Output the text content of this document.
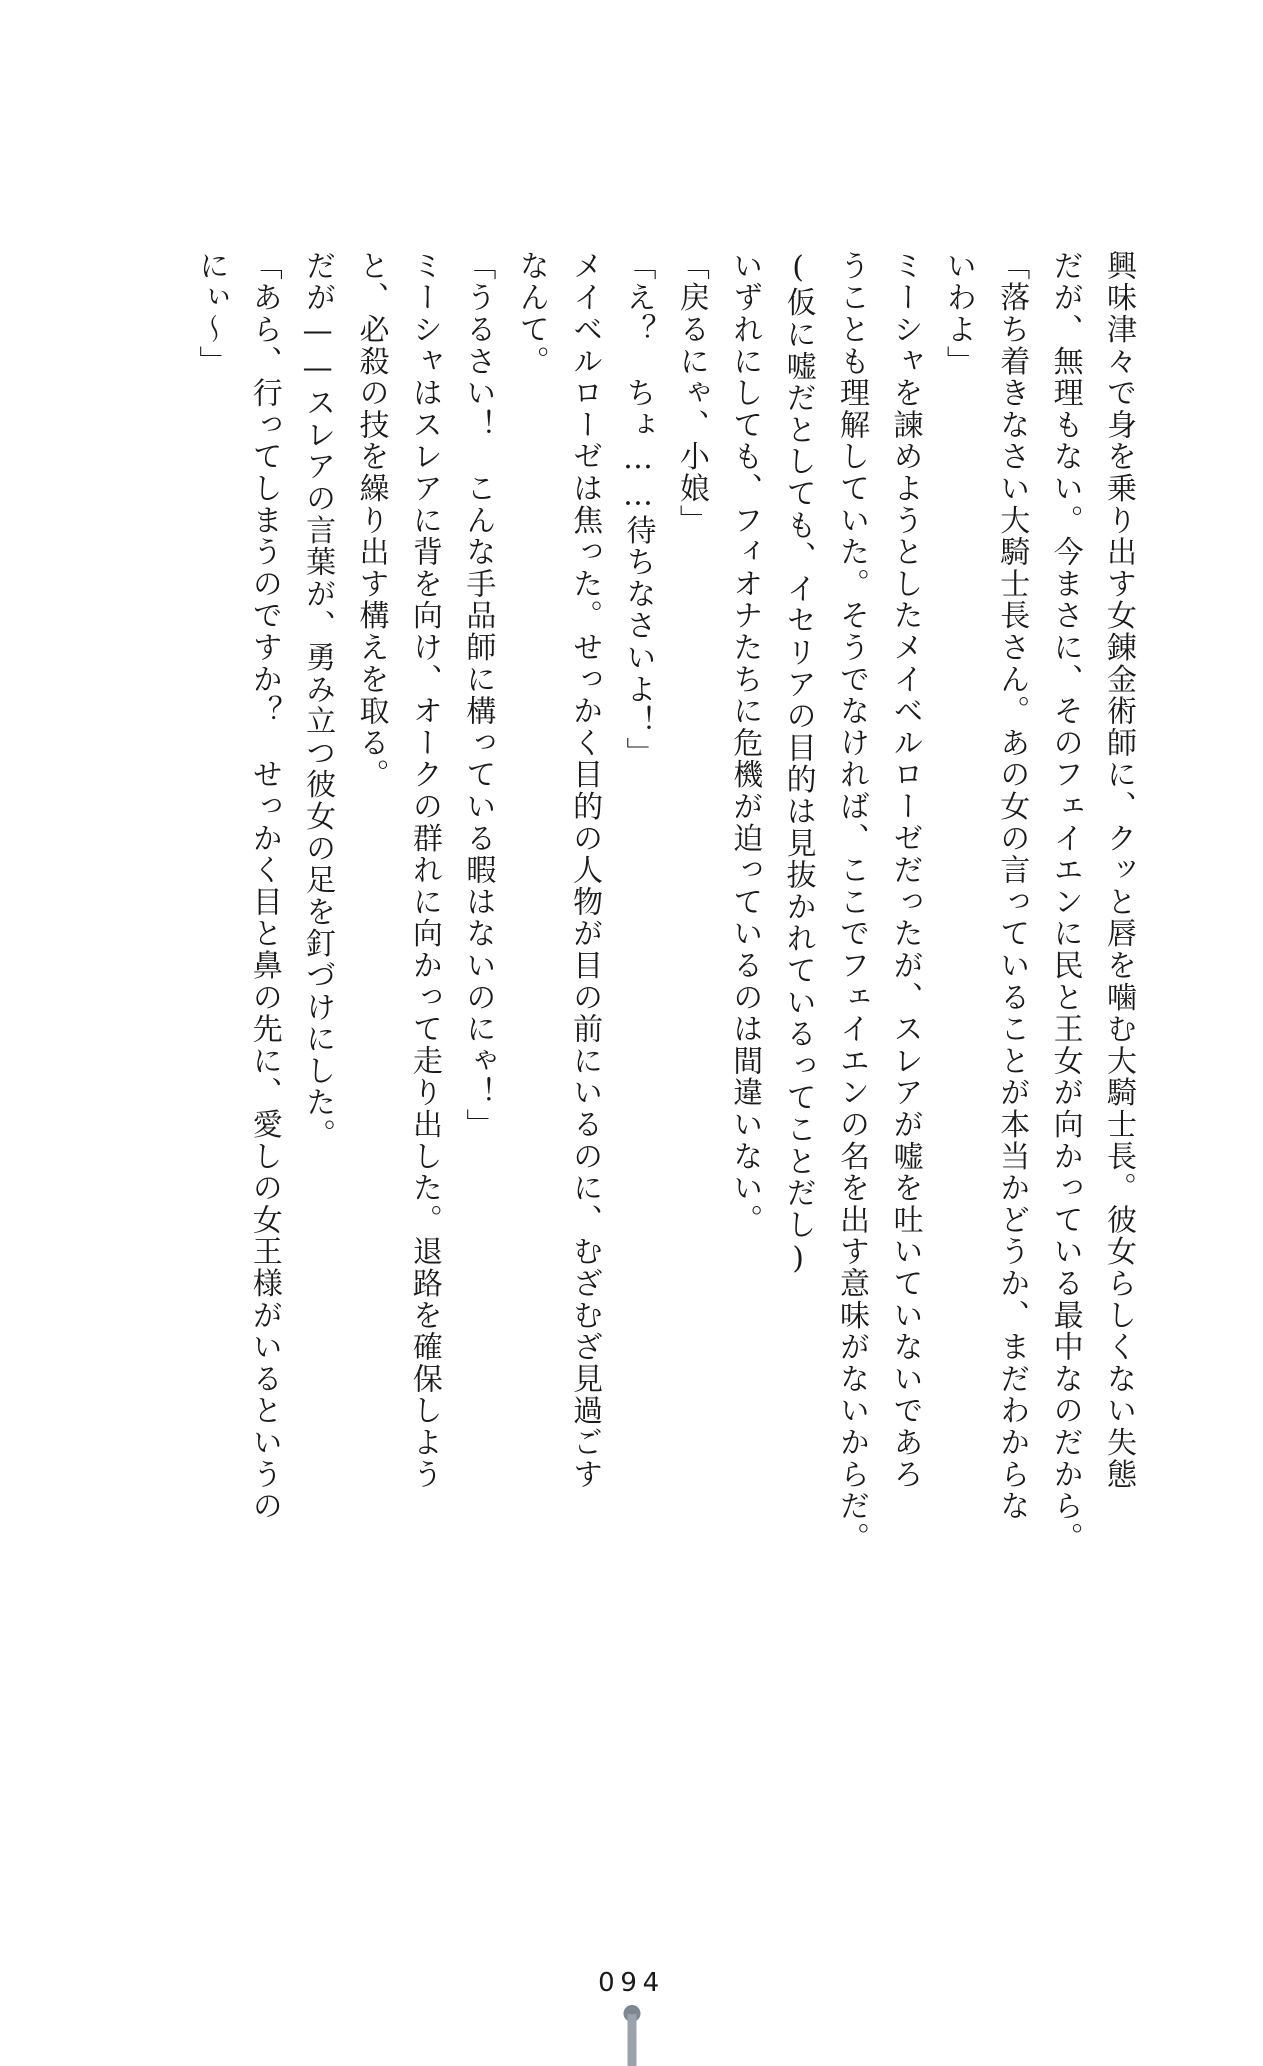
興味津々で身を乗り出す女錬金術師に、クッと唇を噛む大騎士長。彼女らしくない失態

だが、無理もない。今まさに、そのフェイエンに民と王女が向かっている最中なのだから。

「落ち着きなさい大騎士長さん。あの女の言っていることが本当かどうか、まだわからな

いわよ」

ミーシャを諫めようとしたメイベルローゼだったが、スレアが嘘を吐いていないであろ

うことも理解していた。そうでなければ、ここでフェイエンの名を出す意味がないからだ。

(仮に嘘だとしても、イセリアの目的は見抜かれているってことだし)

いずれにしても、フィオナたちに危機が迫っているのは間違いない。

「戻るにゃ、小娘」

「え？　ちょ……待ちなさいよ！」

メイベルローゼは焦った。せっかく目的の人物が目の前にいるのに、むざむざ見過ごす

なんて。

「うるさい！　こんな手品師に構っている暇はないのにゃ！」

ミーシャはスレアに背を向け、オークの群れに向かって走り出した。退路を確保しよう

と、必殺の技を繰り出す構えを取る。

だが——スレアの言葉が、勇み立つ彼女の足を釘づけにした。

「あら、行ってしまうのですか？　せっかく目と鼻の先に、愛しの女王様がいるというの

にぃ〜」

094
